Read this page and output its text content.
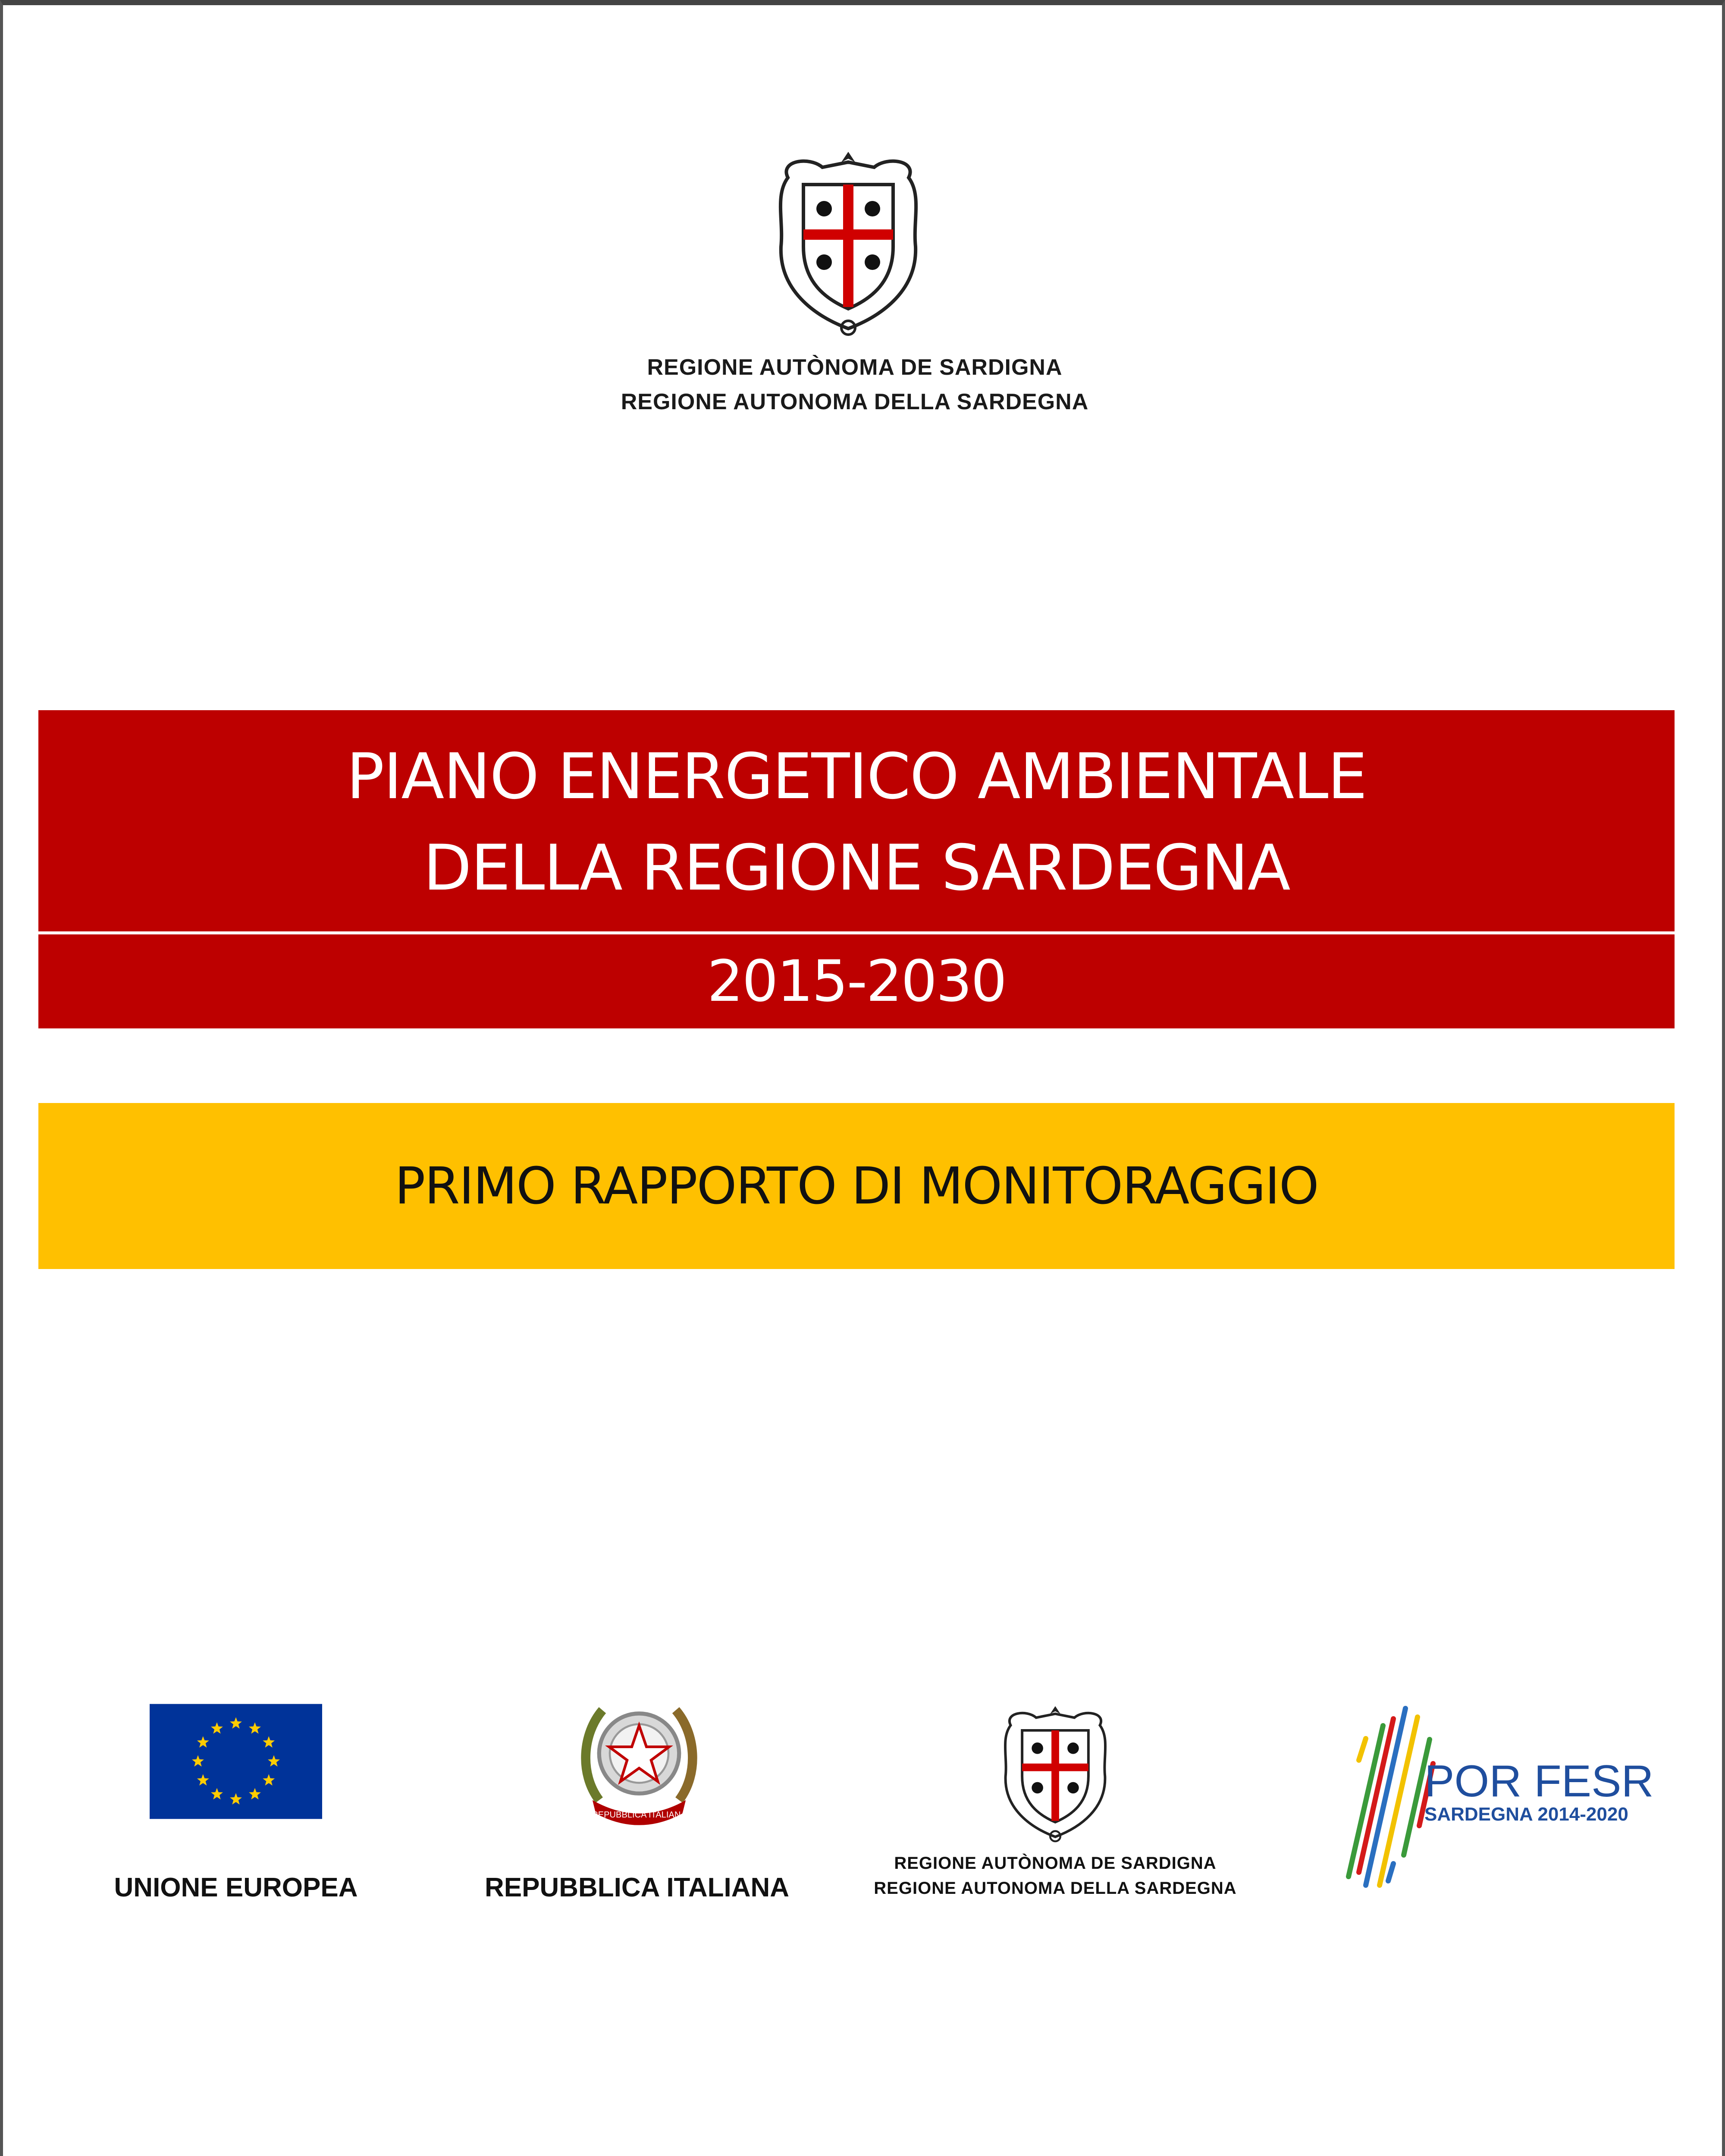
REGIONE AUTÒNOMA DE SARDIGNA
REGIONE AUTONOMA DELLA SARDEGNA
PIANO ENERGETICO AMBIENTALE
DELLA REGIONE SARDEGNA
2015-2030
PRIMO RAPPORTO DI MONITORAGGIO
UNIONE EUROPEA
REPUBBLICA ITALIANA
REPUBBLICA ITALIANA
REGIONE AUTÒNOMA DE SARDIGNA
REGIONE AUTONOMA DELLA SARDEGNA
POR FESR
SARDEGNA 2014-2020
